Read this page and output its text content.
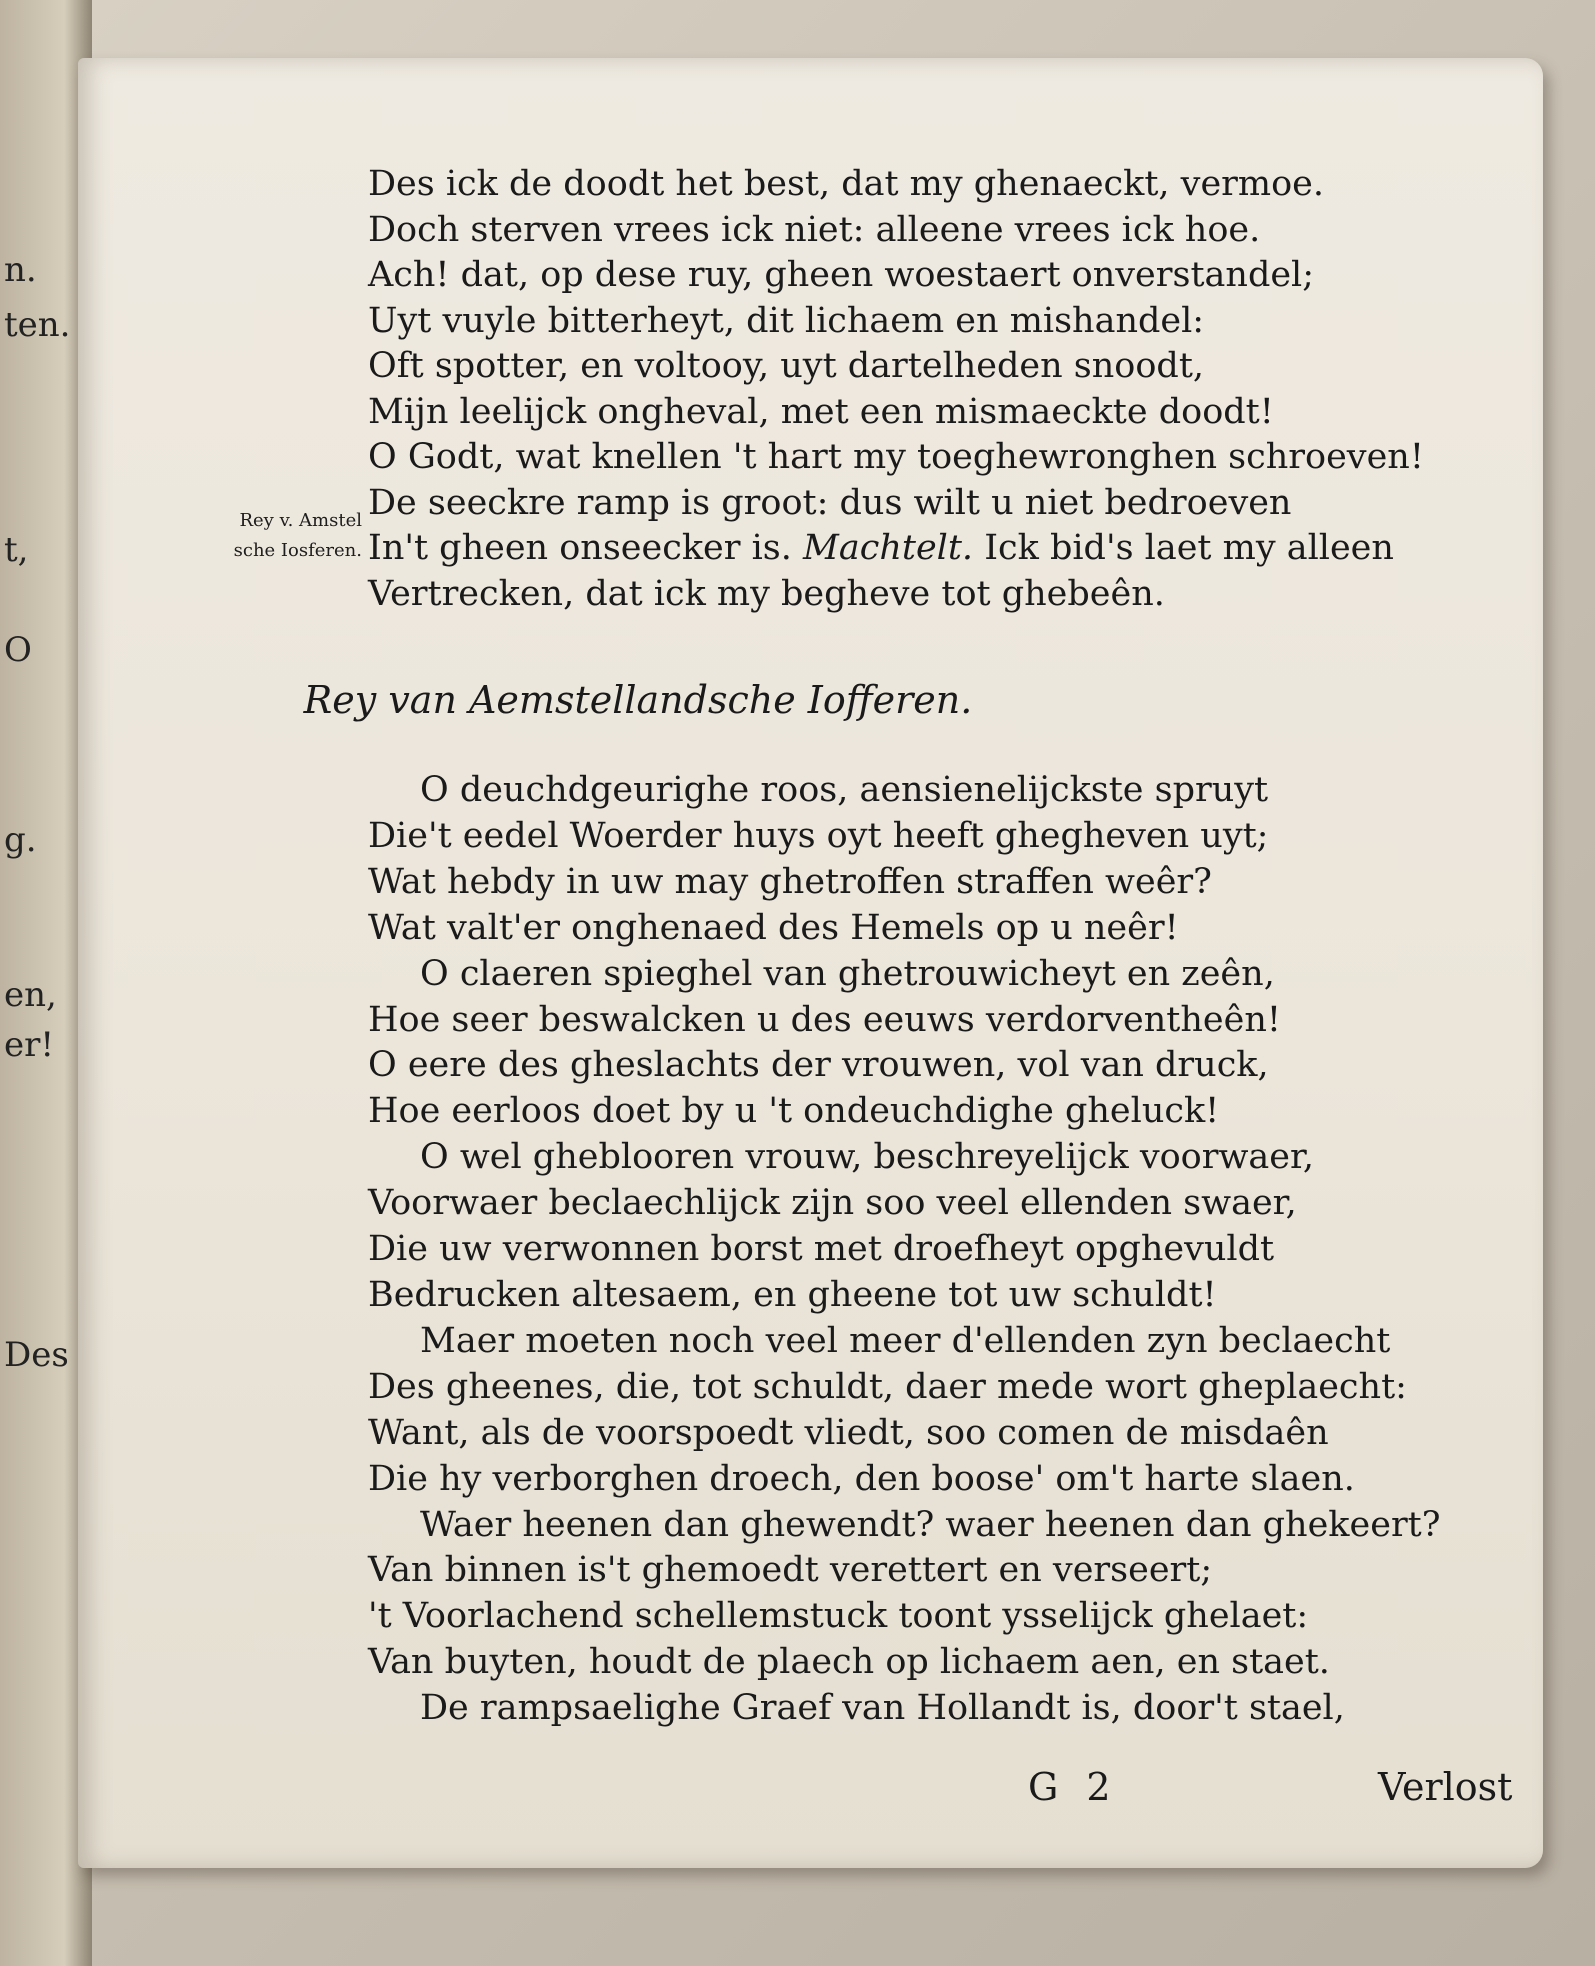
n.
ten.
t,
O
g.
en,
er!
Des
Rey v. Amstel
sche Iosferen.
Des ick de doodt het best, dat my ghenaeckt, vermoe.
Doch sterven vrees ick niet: alleene vrees ick hoe.
Ach! dat, op dese ruy, gheen woestaert onverstandel;
Uyt vuyle bitterheyt, dit lichaem en mishandel:
Oft spotter, en voltooy, uyt dartelheden snoodt,
Mijn leelijck ongheval, met een mismaeckte doodt!
O Godt, wat knellen 't hart my toeghewronghen schroeven!
De seeckre ramp is groot: dus wilt u niet bedroeven
In't gheen onseecker is. Machtelt. Ick bid's laet my alleen
Vertrecken, dat ick my begheve tot ghebeên.
Rey van Aemstellandsche Iofferen.
O deuchdgeurighe roos, aensienelijckste spruyt
Die't eedel Woerder huys oyt heeft ghegheven uyt;
Wat hebdy in uw may ghetroffen straffen weêr?
Wat valt'er onghenaed des Hemels op u neêr!
O claeren spieghel van ghetrouwicheyt en zeên,
Hoe seer beswalcken u des eeuws verdorventheên!
O eere des gheslachts der vrouwen, vol van druck,
Hoe eerloos doet by u 't ondeuchdighe gheluck!
O wel gheblooren vrouw, beschreyelijck voorwaer,
Voorwaer beclaechlijck zijn soo veel ellenden swaer,
Die uw verwonnen borst met droefheyt opghevuldt
Bedrucken altesaem, en gheene tot uw schuldt!
Maer moeten noch veel meer d'ellenden zyn beclaecht
Des gheenes, die, tot schuldt, daer mede wort gheplaecht:
Want, als de voorspoedt vliedt, soo comen de misdaên
Die hy verborghen droech, den boose' om't harte slaen.
Waer heenen dan ghewendt? waer heenen dan ghekeert?
Van binnen is't ghemoedt verettert en verseert;
't Voorlachend schellemstuck toont ysselijck ghelaet:
Van buyten, houdt de plaech op lichaem aen, en staet.
De rampsaelighe Graef van Hollandt is, door't stael,
G 2	Verlost
